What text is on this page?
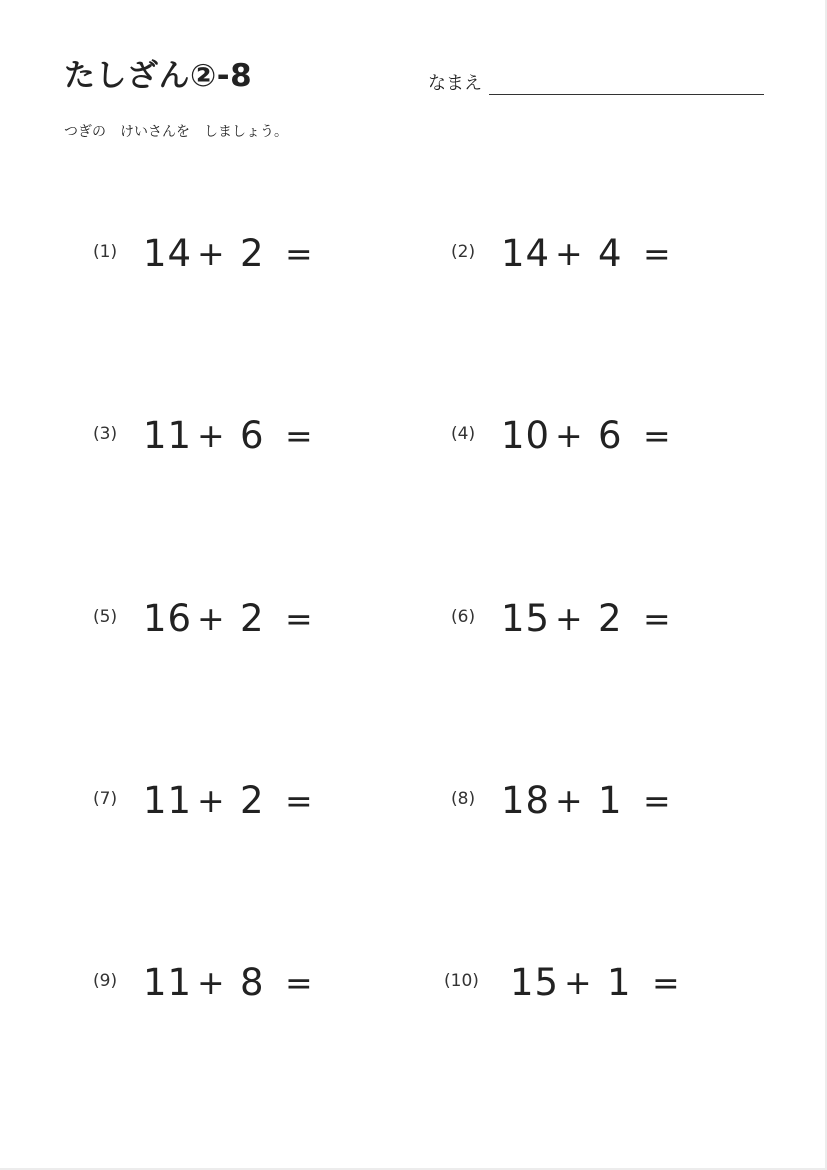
たしざん②-8	なまえ
つぎの　けいさんを　しましょう。
(1) 14 + 2 =	(2) 14 + 4 =
(3) 11 + 6 =	(4) 10 + 6 =
(5) 16 + 2 =	(6) 15 + 2 =
(7) 11 + 2 =	(8) 18 + 1 =
(9) 11 + 8 =	(10) 15 + 1 =
